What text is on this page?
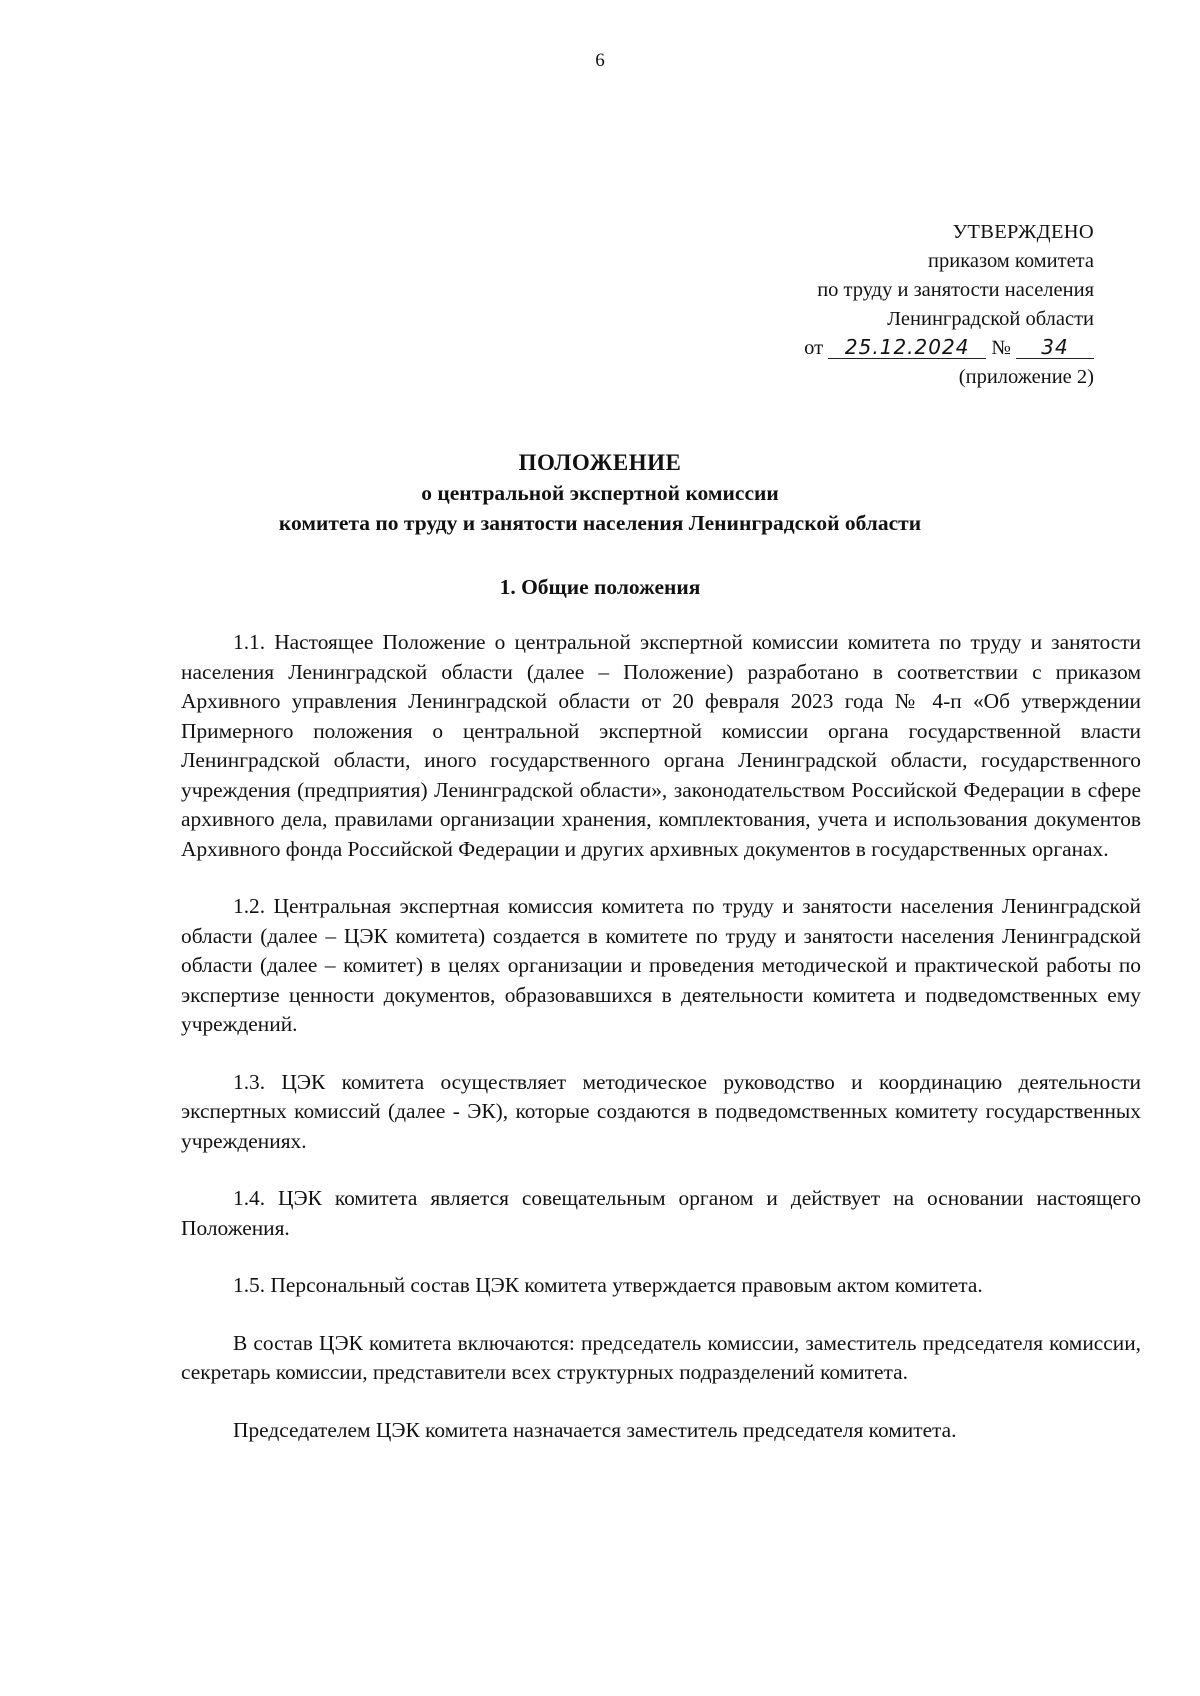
6
УТВЕРЖДЕНО
приказом комитета
по труду и занятости населения
Ленинградской области
от 25.12.2024 № 34
(приложение 2)
ПОЛОЖЕНИЕ
о центральной экспертной комиссии
комитета по труду и занятости населения Ленинградской области
1. Общие положения

1.1. Настоящее Положение о центральной экспертной комиссии комитета по труду и занятости населения Ленинградской области (далее – Положение) разработано в соответствии с приказом Архивного управления Ленинградской области от 20 февраля 2023 года № 4-п «Об утверждении Примерного положения о центральной экспертной комиссии органа государственной власти Ленинградской области, иного государственного органа Ленинградской области, государственного учреждения (предприятия) Ленинградской области», законодательством Российской Федерации в сфере архивного дела, правилами организации хранения, комплектования, учета и использования документов Архивного фонда Российской Федерации и других архивных документов в государственных органах.

1.2. Центральная экспертная комиссия комитета по труду и занятости населения Ленинградской области (далее – ЦЭК комитета) создается в комитете по труду и занятости населения Ленинградской области (далее – комитет) в целях организации и проведения методической и практической работы по экспертизе ценности документов, образовавшихся в деятельности комитета и подведомственных ему учреждений.

1.3. ЦЭК комитета осуществляет методическое руководство и координацию деятельности экспертных комиссий (далее - ЭК), которые создаются в подведомственных комитету государственных учреждениях.

1.4. ЦЭК комитета является совещательным органом и действует на основании настоящего Положения.

1.5. Персональный состав ЦЭК комитета утверждается правовым актом комитета.

В состав ЦЭК комитета включаются: председатель комиссии, заместитель председателя комиссии, секретарь комиссии, представители всех структурных подразделений комитета.

Председателем ЦЭК комитета назначается заместитель председателя комитета.
